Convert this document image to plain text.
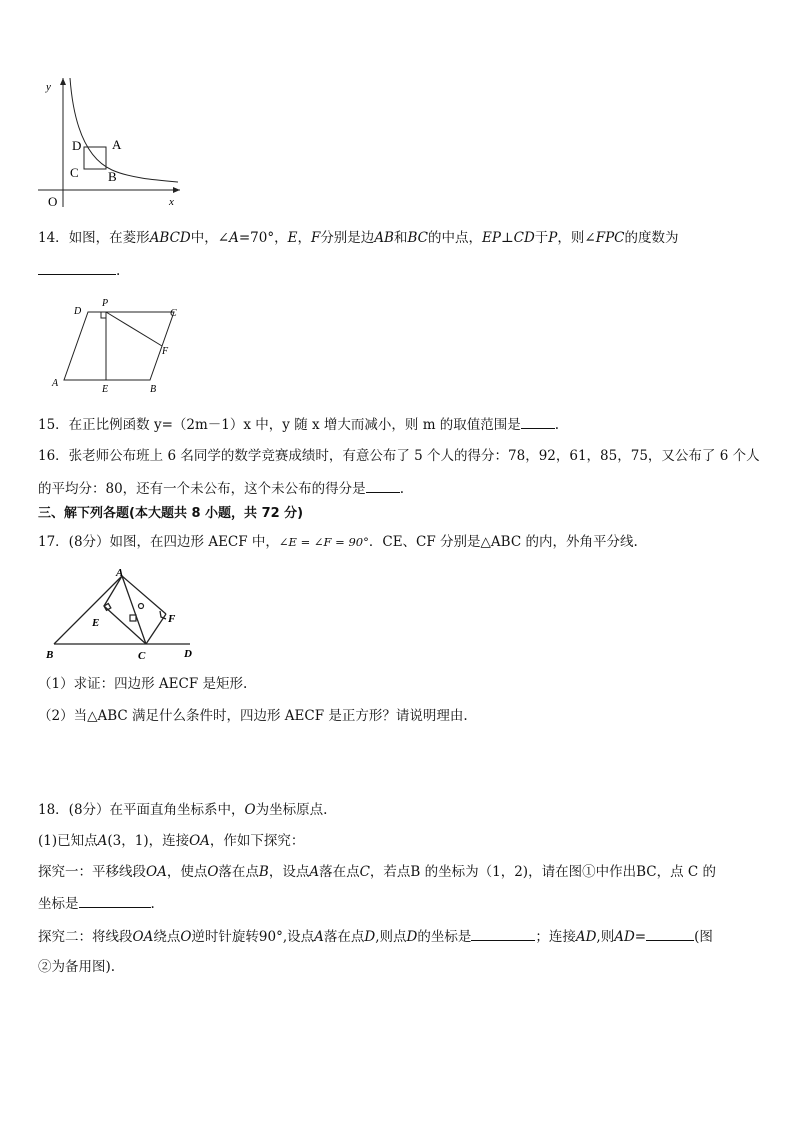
y
x
O
A
B
C
D
14．如图，在菱形ABCD中，∠A=70°，E，F分别是边AB和BC的中点，EP⊥CD于P，则∠FPC的度数为
.
D
P
C
F
A
E	B
15．在正比例函数 y=（2m－1）x 中，y 随 x 增大而减小，则 m 的取值范围是	.
16．张老师公布班上 6 名同学的数学竞赛成绩时，有意公布了 5 个人的得分：78，92，61，85，75，又公布了 6 个人
的平均分：80，还有一个未公布，这个未公布的得分是	.
三、解下列各题(本大题共 8 小题，共 72 分)
17．(8分）如图，在四边形 AECF 中，∠E = ∠F = 90°．CE、CF 分别是△ABC 的内，外角平分线.
A
E	F
B	C	D
（1）求证：四边形 AECF 是矩形.
（2）当△ABC 满足什么条件时，四边形 AECF 是正方形？请说明理由.
18．(8分）在平面直角坐标系中，O为坐标原点.
(1)已知点A(3，1)，连接OA，作如下探究：
探究一：平移线段OA，使点O落在点B，设点A落在点C，若点B 的坐标为（1，2)，请在图①中作出BC，点 C 的
坐标是	.
探究二：将线段OA绕点O逆时针旋转90°,设点A落在点D,则点D的坐标是	；连接AD,则AD=	(图
②为备用图).
